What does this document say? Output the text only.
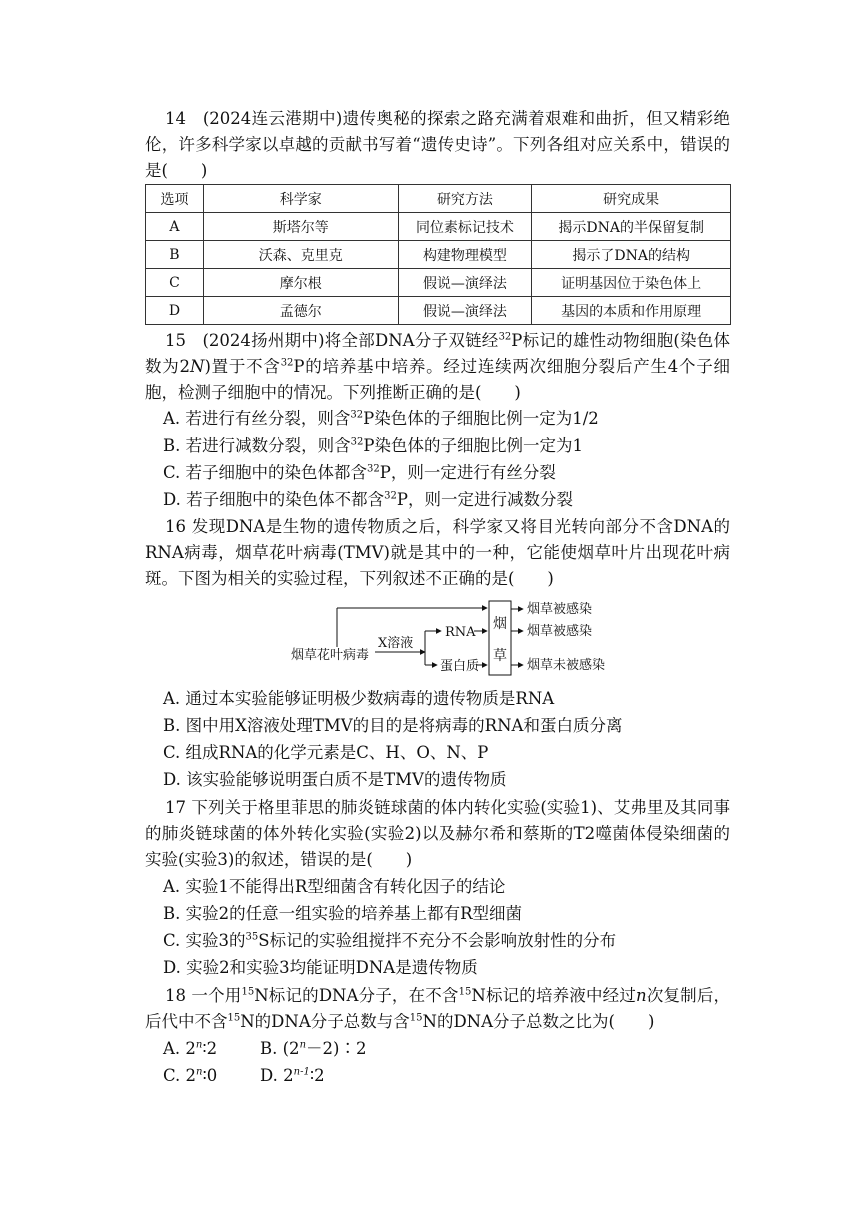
14 (2024连云港期中)遗传奥秘的探索之路充满着艰难和曲折，但又精彩绝伦，许多科学家以卓越的贡献书写着“遗传史诗”。下列各组对应关系中，错误的是(　　)
选项	科学家	研究方法	研究成果
A	斯塔尔等	同位素标记技术	揭示DNA的半保留复制
B	沃森、克里克	构建物理模型	揭示了DNA的结构
C	摩尔根	假说—演绎法	证明基因位于染色体上
D	孟德尔	假说—演绎法	基因的本质和作用原理
15 (2024扬州期中)将全部DNA分子双链经$^{32}$P标记的雄性动物细胞(染色体数为2N)置于不含$^{32}$P的培养基中培养。经过连续两次细胞分裂后产生4个子细胞，检测子细胞中的情况。下列推断正确的是(　　)
A. 若进行有丝分裂，则含$^{32}$P染色体的子细胞比例一定为1/2
B. 若进行减数分裂，则含$^{32}$P染色体的子细胞比例一定为1
C. 若子细胞中的染色体都含$^{32}$P，则一定进行有丝分裂
D. 若子细胞中的染色体不都含$^{32}$P，则一定进行减数分裂
16 发现DNA是生物的遗传物质之后，科学家又将目光转向部分不含DNA的RNA病毒，烟草花叶病毒(TMV)就是其中的一种，它能使烟草叶片出现花叶病斑。下图为相关的实验过程，下列叙述不正确的是(　　)
烟草花叶病毒
X溶液
RNA
蛋白质
烟
草
烟草被感染
烟草被感染
烟草未被感染
A. 通过本实验能够证明极少数病毒的遗传物质是RNA
B. 图中用X溶液处理TMV的目的是将病毒的RNA和蛋白质分离
C. 组成RNA的化学元素是C、H、O、N、P
D. 该实验能够说明蛋白质不是TMV的遗传物质
17 下列关于格里菲思的肺炎链球菌的体内转化实验(实验1)、艾弗里及其同事的肺炎链球菌的体外转化实验(实验2)以及赫尔希和蔡斯的T2噬菌体侵染细菌的实验(实验3)的叙述，错误的是(　　)
A. 实验1不能得出R型细菌含有转化因子的结论
B. 实验2的任意一组实验的培养基上都有R型细菌
C. 实验3的$^{35}$S标记的实验组搅拌不充分不会影响放射性的分布
D. 实验2和实验3均能证明DNA是遗传物质
18 一个用$^{15}$N标记的DNA分子，在不含$^{15}$N标记的培养液中经过n次复制后，后代中不含$^{15}$N的DNA分子总数与含$^{15}$N的DNA分子总数之比为(　　)
A. 2$^n$∶2	B. $(2^n-2)∶2$
C. 2$^n$∶0	D. 2$^{n-1}$∶2
